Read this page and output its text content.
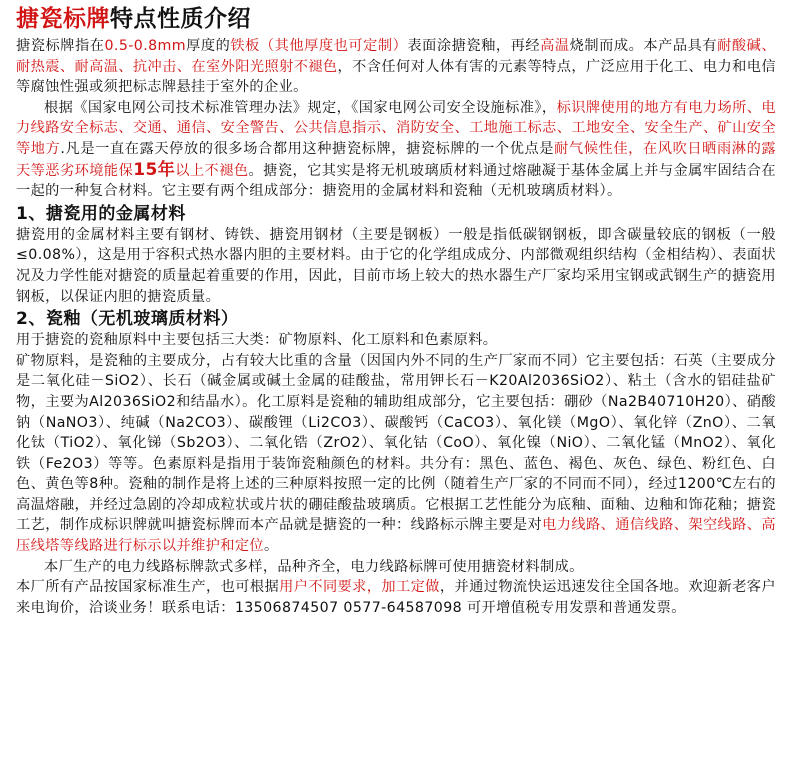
搪瓷标牌特点性质介绍

搪瓷标牌指在0.5-0.8mm厚度的铁板（其他厚度也可定制）表面涂搪瓷釉，再经高温烧制而成。本产品具有耐酸碱、耐热震、耐高温、抗冲击、在室外阳光照射不褪色，不含任何对人体有害的元素等特点，广泛应用于化工、电力和电信等腐蚀性强或须把标志牌悬挂于室外的企业。

根据《国家电网公司技术标准管理办法》规定，《国家电网公司安全设施标准》，标识牌使用的地方有电力场所、电力线路安全标志、交通、通信、安全警告、公共信息指示、消防安全、工地施工标志、工地安全、安全生产、矿山安全等地方.凡是一直在露天停放的很多场合都用这种搪瓷标牌，搪瓷标牌的一个优点是耐气候性佳，在风吹日晒雨淋的露天等恶劣环境能保15年以上不褪色。搪瓷，它其实是将无机玻璃质材料通过熔融凝于基体金属上并与金属牢固结合在一起的一种复合材料。它主要有两个组成部分：搪瓷用的金属材料和瓷釉（无机玻璃质材料）。

1、搪瓷用的金属材料

搪瓷用的金属材料主要有钢材、铸铁、搪瓷用钢材（主要是钢板）一般是指低碳钢钢板，即含碳量较底的钢板（一般≤0.08%），这是用于容积式热水器内胆的主要材料。由于它的化学组成成分、内部微观组织结构（金相结构）、表面状况及力学性能对搪瓷的质量起着重要的作用，因此，目前市场上较大的热水器生产厂家均采用宝钢或武钢生产的搪瓷用钢板，以保证内胆的搪瓷质量。

2、瓷釉（无机玻璃质材料）

用于搪瓷的瓷釉原料中主要包括三大类：矿物原料、化工原料和色素原料。

矿物原料，是瓷釉的主要成分，占有较大比重的含量（因国内外不同的生产厂家而不同）它主要包括：石英（主要成分是二氧化硅－SiO2）、长石（碱金属或碱土金属的硅酸盐，常用钾长石－K20Al2036SiO2）、粘土（含水的铝硅盐矿物，主要为Al2036SiO2和结晶水）。化工原料是瓷釉的辅助组成部分，它主要包括：硼砂（Na2B40710H20）、硝酸钠（NaNO3）、纯碱（Na2CO3）、碳酸锂（Li2CO3）、碳酸钙（CaCO3）、氧化镁（MgO）、氧化锌（ZnO）、二氧化钛（TiO2）、氧化锑（Sb2O3）、二氧化锆（ZrO2）、氧化钴（CoO）、氧化镍（NiO）、二氧化锰（MnO2）、氧化铁（Fe2O3）等等。色素原料是指用于装饰瓷釉颜色的材料。共分有：黑色、蓝色、褐色、灰色、绿色、粉红色、白色、黄色等8种。瓷釉的制作是将上述的三种原料按照一定的比例（随着生产厂家的不同而不同），经过1200℃左右的高温熔融，并经过急剧的冷却成粒状或片状的硼硅酸盐玻璃质。它根据工艺性能分为底釉、面釉、边釉和饰花釉；搪瓷工艺，制作成标识牌就叫搪瓷标牌而本产品就是搪瓷的一种：线路标示牌主要是对电力线路、通信线路、架空线路、高压线塔等线路进行标示以并维护和定位。

本厂生产的电力线路标牌款式多样，品种齐全，电力线路标牌可使用搪瓷材料制成。

本厂所有产品按国家标准生产，也可根据用户不同要求，加工定做，并通过物流快运迅速发往全国各地。欢迎新老客户来电询价，洽谈业务！联系电话：13506874507 0577-64587098 可开增值税专用发票和普通发票。
